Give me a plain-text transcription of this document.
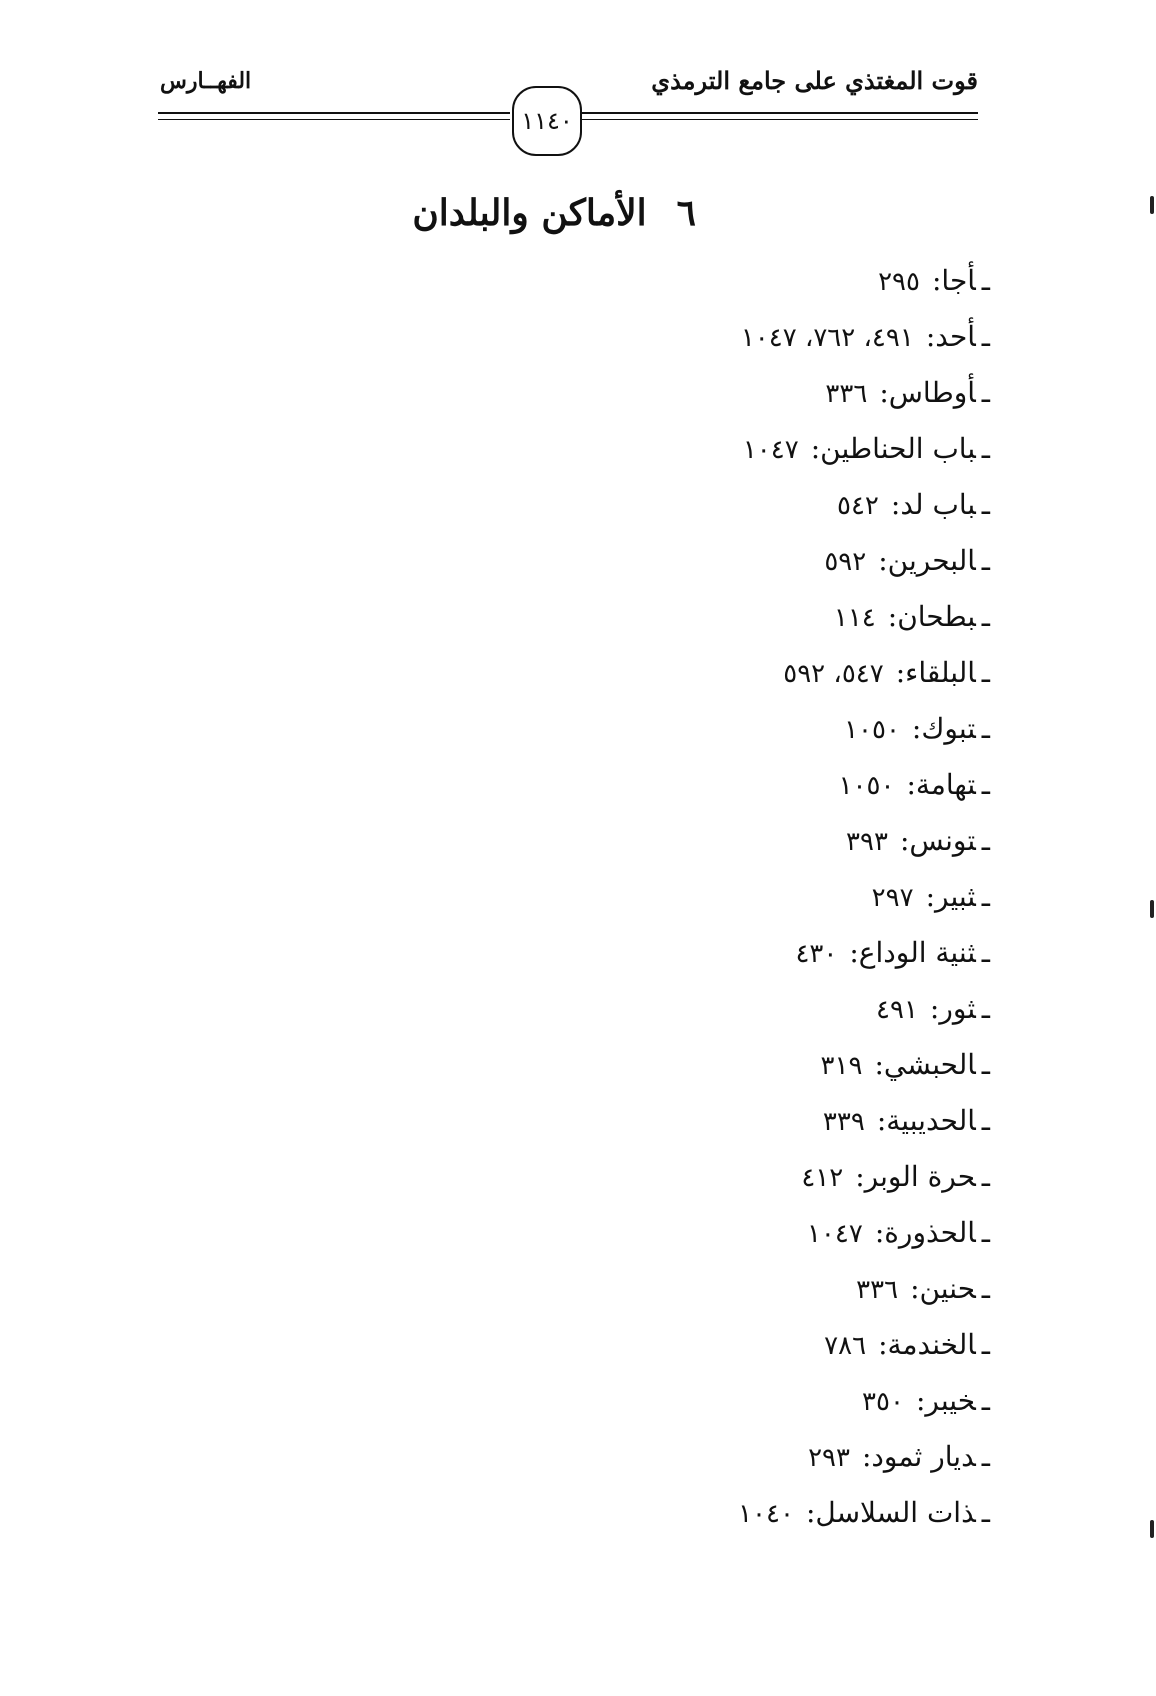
الفهــارس	قوت المغتذي على جامع الترمذي
١١٤٠
٦الأماكن والبلدان
ـأجا:٢٩٥
ـأحد:٤٩١، ٧٦٢، ١٠٤٧
ـأوطاس:٣٣٦
ـباب الحناطين:١٠٤٧
ـباب لد:٥٤٢
ـالبحرين:٥٩٢
ـبطحان:١١٤
ـالبلقاء:٥٤٧، ٥٩٢
ـتبوك:١٠٥٠
ـتهامة:١٠٥٠
ـتونس:٣٩٣
ـثبير:٢٩٧
ـثنية الوداع:٤٣٠
ـثور:٤٩١
ـالحبشي:٣١٩
ـالحديبية:٣٣٩
ـحرة الوبر:٤١٢
ـالحذورة:١٠٤٧
ـحنين:٣٣٦
ـالخندمة:٧٨٦
ـخيبر:٣٥٠
ـديار ثمود:٢٩٣
ـذات السلاسل:١٠٤٠
